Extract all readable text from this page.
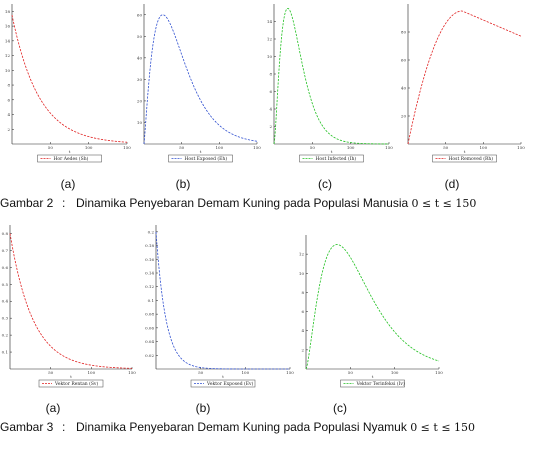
2
4
6
8
10
12
14
16
18
50	100	150
t
Hor Aedes (Sh)
10
20
30
40
50
60
50	100	150
t
Host Exposed (Eh)
2
4
6
8
10
12
14
50	100	150
t
Host Infected (Ih)
20
40
60
80
50	100	150
t
Host Removed (Rh)
(a)	(b)	(c)	(d)
Gambar 2 : Dinamika Penyebaran Demam Kuning pada Populasi Manusia 0 ≤ t ≤ 150
0.1
0.2
0.3
0.4
0.5
0.6
0.7
0.8
50	100	150
t
Vektor Rentan (Sv)
0.02
0.04
0.06
0.08
0.1
0.12
0.14
0.16
0.18
0.2
50	100	150
t
Vektor Exposed (Ev)
2
4
6
8
10
12
50	100	150
t
Vektor Terinfeksi (Iv)
(a)	(b)	(c)
Gambar 3 : Dinamika Penyebaran Demam Kuning pada Populasi Nyamuk 0 ≤ t ≤ 150
